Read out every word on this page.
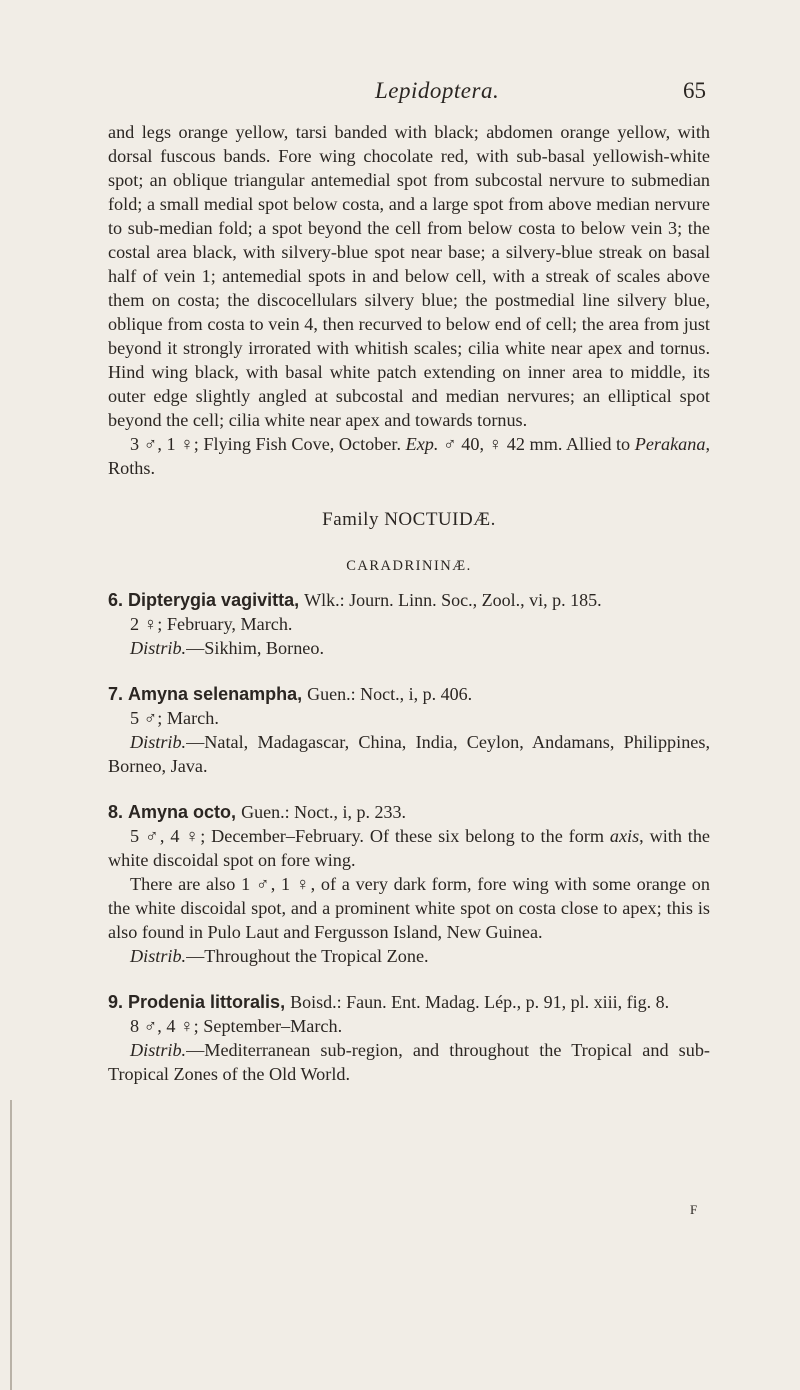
Lepidoptera.	65

and legs orange yellow, tarsi banded with black; abdomen orange yellow, with dorsal fuscous bands. Fore wing chocolate red, with sub-basal yellowish-white spot; an oblique triangular antemedial spot from subcostal nervure to submedian fold; a small medial spot below costa, and a large spot from above median nervure to sub-median fold; a spot beyond the cell from below costa to below vein 3; the costal area black, with silvery-blue spot near base; a silvery-blue streak on basal half of vein 1; antemedial spots in and below cell, with a streak of scales above them on costa; the discocellulars silvery blue; the postmedial line silvery blue, oblique from costa to vein 4, then recurved to below end of cell; the area from just beyond it strongly irrorated with whitish scales; cilia white near apex and tornus. Hind wing black, with basal white patch extending on inner area to middle, its outer edge slightly angled at subcostal and median nervures; an elliptical spot beyond the cell; cilia white near apex and towards tornus.

3 ♂, 1 ♀; Flying Fish Cove, October. Exp. ♂ 40, ♀ 42 mm. Allied to Perakana, Roths.

Family NOCTUIDÆ.
CARADRININÆ.

6. Dipterygia vagivitta, Wlk.: Journ. Linn. Soc., Zool., vi, p. 185.

2 ♀; February, March.

Distrib.—Sikhim, Borneo.

7. Amyna selenampha, Guen.: Noct., i, p. 406.

5 ♂; March.

Distrib.—Natal, Madagascar, China, India, Ceylon, Andamans, Philippines, Borneo, Java.

8. Amyna octo, Guen.: Noct., i, p. 233.

5 ♂, 4 ♀; December–February. Of these six belong to the form axis, with the white discoidal spot on fore wing.

There are also 1 ♂, 1 ♀, of a very dark form, fore wing with some orange on the white discoidal spot, and a prominent white spot on costa close to apex; this is also found in Pulo Laut and Fergusson Island, New Guinea.

Distrib.—Throughout the Tropical Zone.

9. Prodenia littoralis, Boisd.: Faun. Ent. Madag. Lép., p. 91, pl. xiii, fig. 8.

8 ♂, 4 ♀; September–March.

Distrib.—Mediterranean sub-region, and throughout the Tropical and sub-Tropical Zones of the Old World.

F
